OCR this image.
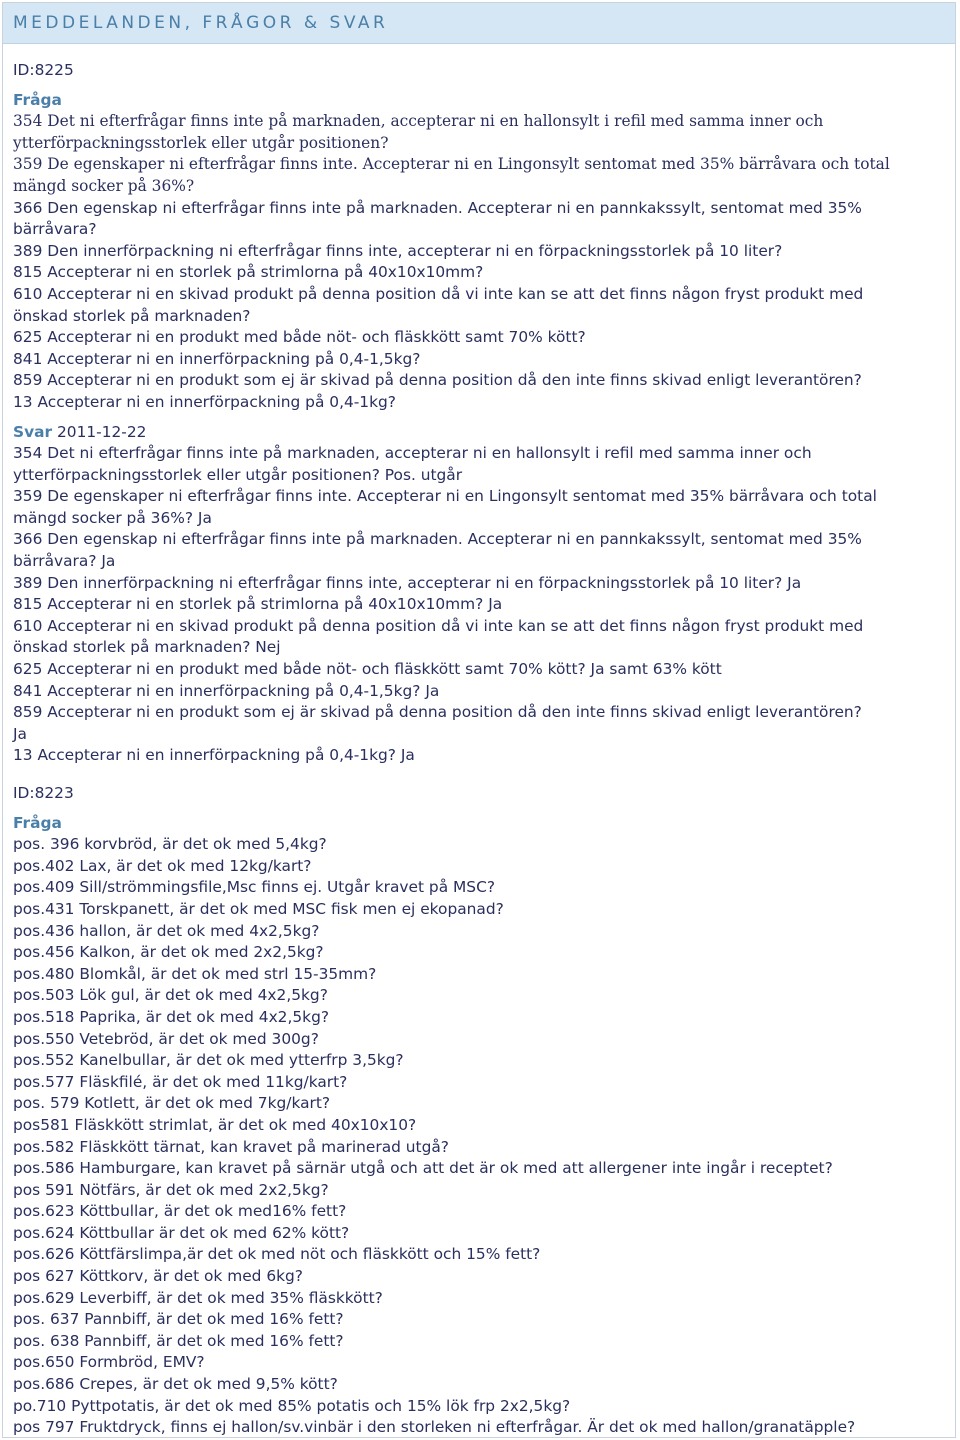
MEDDELANDEN, FRÅGOR & SVAR
ID:8225
Fråga
354 Det ni efterfrågar finns inte på marknaden, accepterar ni en hallonsylt i refil med samma inner och
ytterförpackningsstorlek eller utgår positionen?
359 De egenskaper ni efterfrågar finns inte. Accepterar ni en Lingonsylt sentomat med 35% bärråvara och total
mängd socker på 36%?
366 Den egenskap ni efterfrågar finns inte på marknaden. Accepterar ni en pannkakssylt, sentomat med 35%
bärråvara?
389 Den innerförpackning ni efterfrågar finns inte, accepterar ni en förpackningsstorlek på 10 liter?
815 Accepterar ni en storlek på strimlorna på 40x10x10mm?
610 Accepterar ni en skivad produkt på denna position då vi inte kan se att det finns någon fryst produkt med
önskad storlek på marknaden?
625 Accepterar ni en produkt med både nöt- och fläskkött samt 70% kött?
841 Accepterar ni en innerförpackning på 0,4-1,5kg?
859 Accepterar ni en produkt som ej är skivad på denna position då den inte finns skivad enligt leverantören?
13 Accepterar ni en innerförpackning på 0,4-1kg?
Svar 2011-12-22
354 Det ni efterfrågar finns inte på marknaden, accepterar ni en hallonsylt i refil med samma inner och
ytterförpackningsstorlek eller utgår positionen? Pos. utgår
359 De egenskaper ni efterfrågar finns inte. Accepterar ni en Lingonsylt sentomat med 35% bärråvara och total
mängd socker på 36%? Ja
366 Den egenskap ni efterfrågar finns inte på marknaden. Accepterar ni en pannkakssylt, sentomat med 35%
bärråvara? Ja
389 Den innerförpackning ni efterfrågar finns inte, accepterar ni en förpackningsstorlek på 10 liter? Ja
815 Accepterar ni en storlek på strimlorna på 40x10x10mm? Ja
610 Accepterar ni en skivad produkt på denna position då vi inte kan se att det finns någon fryst produkt med
önskad storlek på marknaden? Nej
625 Accepterar ni en produkt med både nöt- och fläskkött samt 70% kött? Ja samt 63% kött
841 Accepterar ni en innerförpackning på 0,4-1,5kg? Ja
859 Accepterar ni en produkt som ej är skivad på denna position då den inte finns skivad enligt leverantören?
Ja
13 Accepterar ni en innerförpackning på 0,4-1kg? Ja
ID:8223
Fråga
pos. 396 korvbröd, är det ok med 5,4kg?
pos.402 Lax, är det ok med 12kg/kart?
pos.409 Sill/strömmingsfile,Msc finns ej. Utgår kravet på MSC?
pos.431 Torskpanett, är det ok med MSC fisk men ej ekopanad?
pos.436 hallon, är det ok med 4x2,5kg?
pos.456 Kalkon, är det ok med 2x2,5kg?
pos.480 Blomkål, är det ok med strl 15-35mm?
pos.503 Lök gul, är det ok med 4x2,5kg?
pos.518 Paprika, är det ok med 4x2,5kg?
pos.550 Vetebröd, är det ok med 300g?
pos.552 Kanelbullar, är det ok med ytterfrp 3,5kg?
pos.577 Fläskfilé, är det ok med 11kg/kart?
pos. 579 Kotlett, är det ok med 7kg/kart?
pos581 Fläskkött strimlat, är det ok med 40x10x10?
pos.582 Fläskkött tärnat, kan kravet på marinerad utgå?
pos.586 Hamburgare, kan kravet på särnär utgå och att det är ok med att allergener inte ingår i receptet?
pos 591 Nötfärs, är det ok med 2x2,5kg?
pos.623 Köttbullar, är det ok med16% fett?
pos.624 Köttbullar är det ok med 62% kött?
pos.626 Köttfärslimpa,är det ok med nöt och fläskkött och 15% fett?
pos 627 Köttkorv, är det ok med 6kg?
pos.629 Leverbiff, är det ok med 35% fläskkött?
pos. 637 Pannbiff, är det ok med 16% fett?
pos. 638 Pannbiff, är det ok med 16% fett?
pos.650 Formbröd, EMV?
pos.686 Crepes, är det ok med 9,5% kött?
po.710 Pyttpotatis, är det ok med 85% potatis och 15% lök frp 2x2,5kg?
pos 797 Fruktdryck, finns ej hallon/sv.vinbär i den storleken ni efterfrågar. Är det ok med hallon/granatäpple?
